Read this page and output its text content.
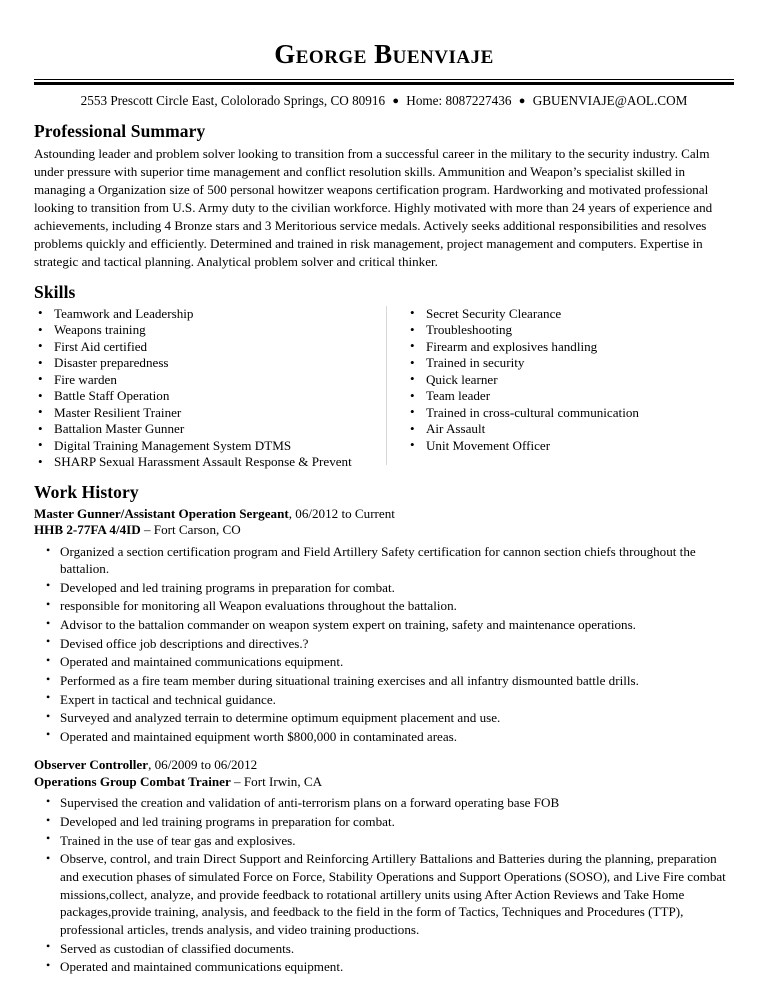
George Buenviaje
2553 Prescott Circle East, Cololorado Springs, CO 80916 ● Home: 8087227436 ● GBUENVIAJE@AOL.COM
Professional Summary

Astounding leader and problem solver looking to transition from a successful career in the military to the security industry. Calm under pressure with superior time management and conflict resolution skills. Ammunition and Weapon’s specialist skilled in managing a Organization size of 500 personal howitzer weapons certification program. Hardworking and motivated professional looking to transition from U.S. Army duty to the civilian workforce. Highly motivated with more than 24 years of experience and achievements, including 4 Bronze stars and 3 Meritorious service medals. Actively seeks additional responsibilities and resolves problems quickly and efficiently. Determined and trained in risk management, project management and computers. Expertise in strategic and tactical planning. Analytical problem solver and critical thinker.

Skills
• Teamwork and Leadership
• Weapons training
• First Aid certified
• Disaster preparedness
• Fire warden
• Battle Staff Operation
• Master Resilient Trainer
• Battalion Master Gunner
• Digital Training Management System DTMS
• SHARP Sexual Harassment Assault Response & Prevent
• Secret Security Clearance
• Troubleshooting
• Firearm and explosives handling
• Trained in security
• Quick learner
• Team leader
• Trained in cross-cultural communication
• Air Assault
• Unit Movement Officer
Work History
Master Gunner/Assistant Operation Sergeant, 06/2012 to Current
HHB 2-77FA 4/4ID – Fort Carson, CO
• Organized a section certification program and Field Artillery Safety certification for cannon section chiefs throughout the battalion.
• Developed and led training programs in preparation for combat.
• responsible for monitoring all Weapon evaluations throughout the battalion.
• Advisor to the battalion commander on weapon system expert on training, safety and maintenance operations.
• Devised office job descriptions and directives.?
• Operated and maintained communications equipment.
• Performed as a fire team member during situational training exercises and all infantry dismounted battle drills.
• Expert in tactical and technical guidance.
• Surveyed and analyzed terrain to determine optimum equipment placement and use.
• Operated and maintained equipment worth $800,000 in contaminated areas.
Observer Controller, 06/2009 to 06/2012
Operations Group Combat Trainer – Fort Irwin, CA
• Supervised the creation and validation of anti-terrorism plans on a forward operating base FOB
• Developed and led training programs in preparation for combat.
• Trained in the use of tear gas and explosives.
• Observe, control, and train Direct Support and Reinforcing Artillery Battalions and Batteries during the planning, preparation and execution phases of simulated Force on Force, Stability Operations and Support Operations (SOSO), and Live Fire combat missions,collect, analyze, and provide feedback to rotational artillery units using After Action Reviews and Take Home packages,provide training, analysis, and feedback to the field in the form of Tactics, Techniques and Procedures (TTP), professional articles, trends analysis, and video training productions.
• Served as custodian of classified documents.
• Operated and maintained communications equipment.
